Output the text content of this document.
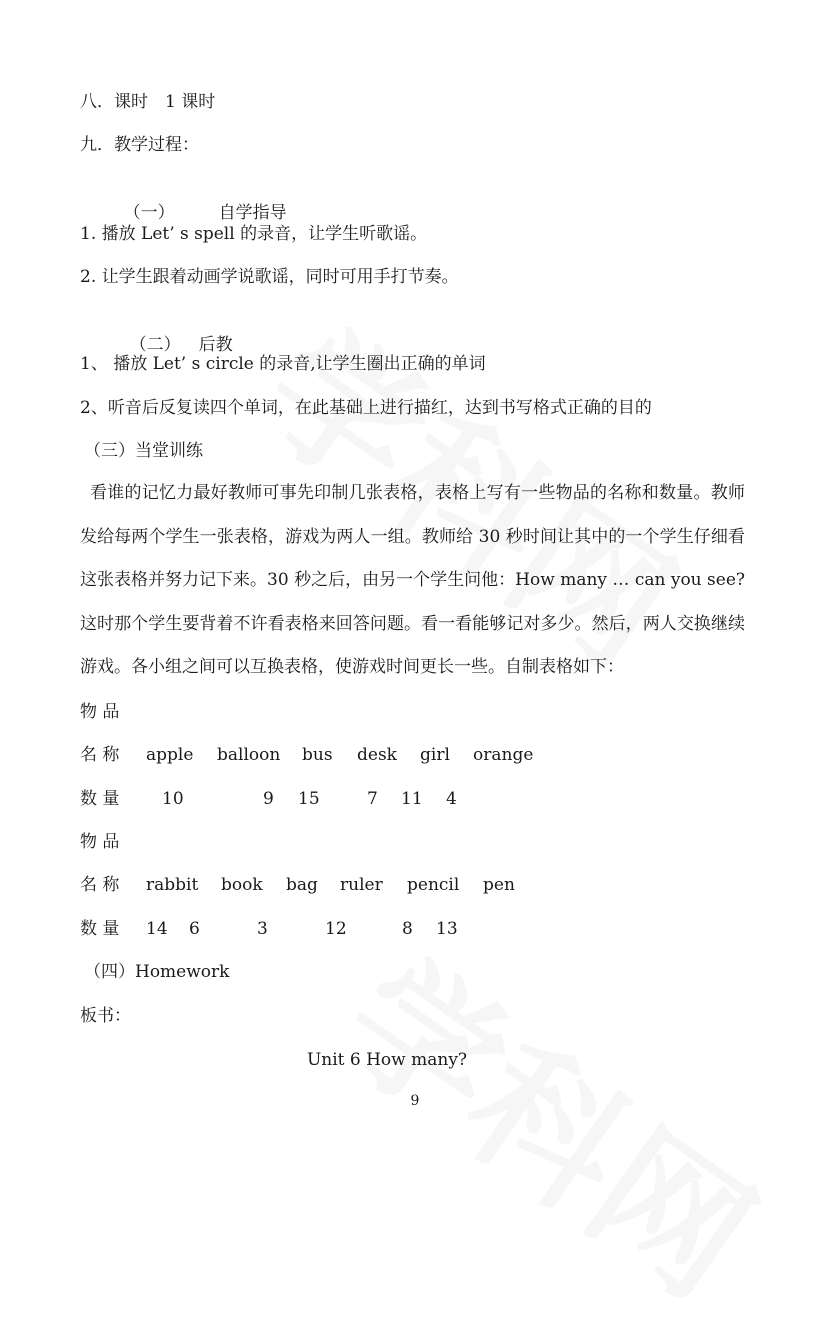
八．课时　1 课时
九．教学过程：

（一）	自学指导

1. 播放 Let’ s spell 的录音，让学生听歌谣。
2. 让学生跟着动画学说歌谣，同时可用手打节奏。

（二） 后教

1、 播放 Let’ s circle 的录音,让学生圈出正确的单词
2、听音后反复读四个单词，在此基础上进行描红，达到书写格式正确的目的
（三）当堂训练
看谁的记忆力最好教师可事先印制几张表格，表格上写有一些物品的名称和数量。教师发给每两个学生一张表格，游戏为两人一组。教师给 30 秒时间让其中的一个学生仔细看这张表格并努力记下来。30 秒之后，由另一个学生问他：How many … can you see?这时那个学生要背着不许看表格来回答问题。看一看能够记对多少。然后，两人交换继续游戏。各小组之间可以互换表格，使游戏时间更长一些。自制表格如下：
物 品
名 称 apple balloon bus desk girl orange
数 量	10	9 15	7 11 4
物 品
名 称 rabbit book bag ruler pencil pen
数 量 14 6	3	12	8 13
（四）Homework
板书：
Unit 6 How many?
9
